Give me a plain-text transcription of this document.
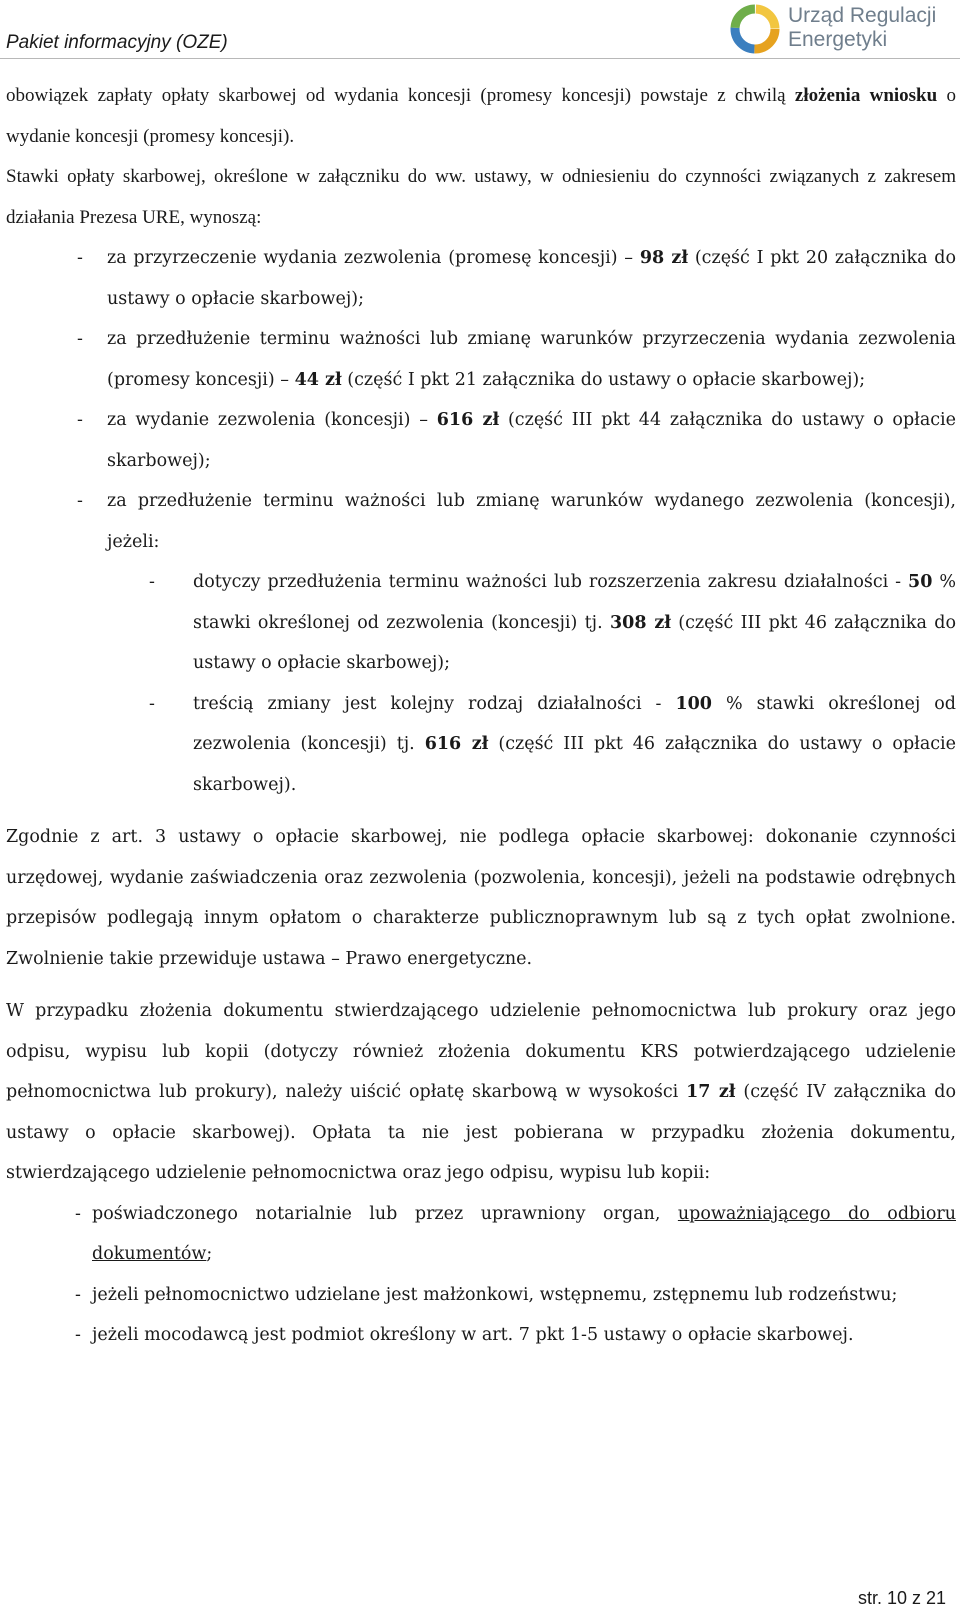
Pakiet informacyjny (OZE)
Urząd Regulacji
Energetyki

obowiązek zapłaty opłaty skarbowej od wydania koncesji (promesy koncesji) powstaje z chwilą złożenia wniosku o wydanie koncesji (promesy koncesji).

Stawki opłaty skarbowej, określone w załączniku do ww. ustawy, w odniesieniu do czynności związanych z zakresem działania Prezesa URE, wynoszą:

- za przyrzeczenie wydania zezwolenia (promesę koncesji) – 98 zł (część I pkt 20 załącznika do ustawy o opłacie skarbowej);
- za przedłużenie terminu ważności lub zmianę warunków przyrzeczenia wydania zezwolenia (promesy koncesji) – 44 zł (część I pkt 21 załącznika do ustawy o opłacie skarbowej);
- za wydanie zezwolenia (koncesji) – 616 zł (część III pkt 44 załącznika do ustawy o opłacie skarbowej);
- za przedłużenie terminu ważności lub zmianę warunków wydanego zezwolenia (koncesji), jeżeli:
- dotyczy przedłużenia terminu ważności lub rozszerzenia zakresu działalności - 50 % stawki określonej od zezwolenia (koncesji) tj. 308 zł (część III pkt 46 załącznika do ustawy o opłacie skarbowej);
- treścią zmiany jest kolejny rodzaj działalności - 100 % stawki określonej od zezwolenia (koncesji) tj. 616 zł (część III pkt 46 załącznika do ustawy o opłacie skarbowej).

Zgodnie z art. 3 ustawy o opłacie skarbowej, nie podlega opłacie skarbowej: dokonanie czynności urzędowej, wydanie zaświadczenia oraz zezwolenia (pozwolenia, koncesji), jeżeli na podstawie odrębnych przepisów podlegają innym opłatom o charakterze publicznoprawnym lub są z tych opłat zwolnione. Zwolnienie takie przewiduje ustawa – Prawo energetyczne.

W przypadku złożenia dokumentu stwierdzającego udzielenie pełnomocnictwa lub prokury oraz jego odpisu, wypisu lub kopii (dotyczy również złożenia dokumentu KRS potwierdzającego udzielenie pełnomocnictwa lub prokury), należy uiścić opłatę skarbową w wysokości 17 zł (część IV załącznika do ustawy o opłacie skarbowej). Opłata ta nie jest pobierana w przypadku złożenia dokumentu, stwierdzającego udzielenie pełnomocnictwa oraz jego odpisu, wypisu lub kopii:

- poświadczonego notarialnie lub przez uprawniony organ, upoważniającego do odbioru dokumentów;
- jeżeli pełnomocnictwo udzielane jest małżonkowi, wstępnemu, zstępnemu lub rodzeństwu;
- jeżeli mocodawcą jest podmiot określony w art. 7 pkt 1-5 ustawy o opłacie skarbowej.
str. 10 z 21
